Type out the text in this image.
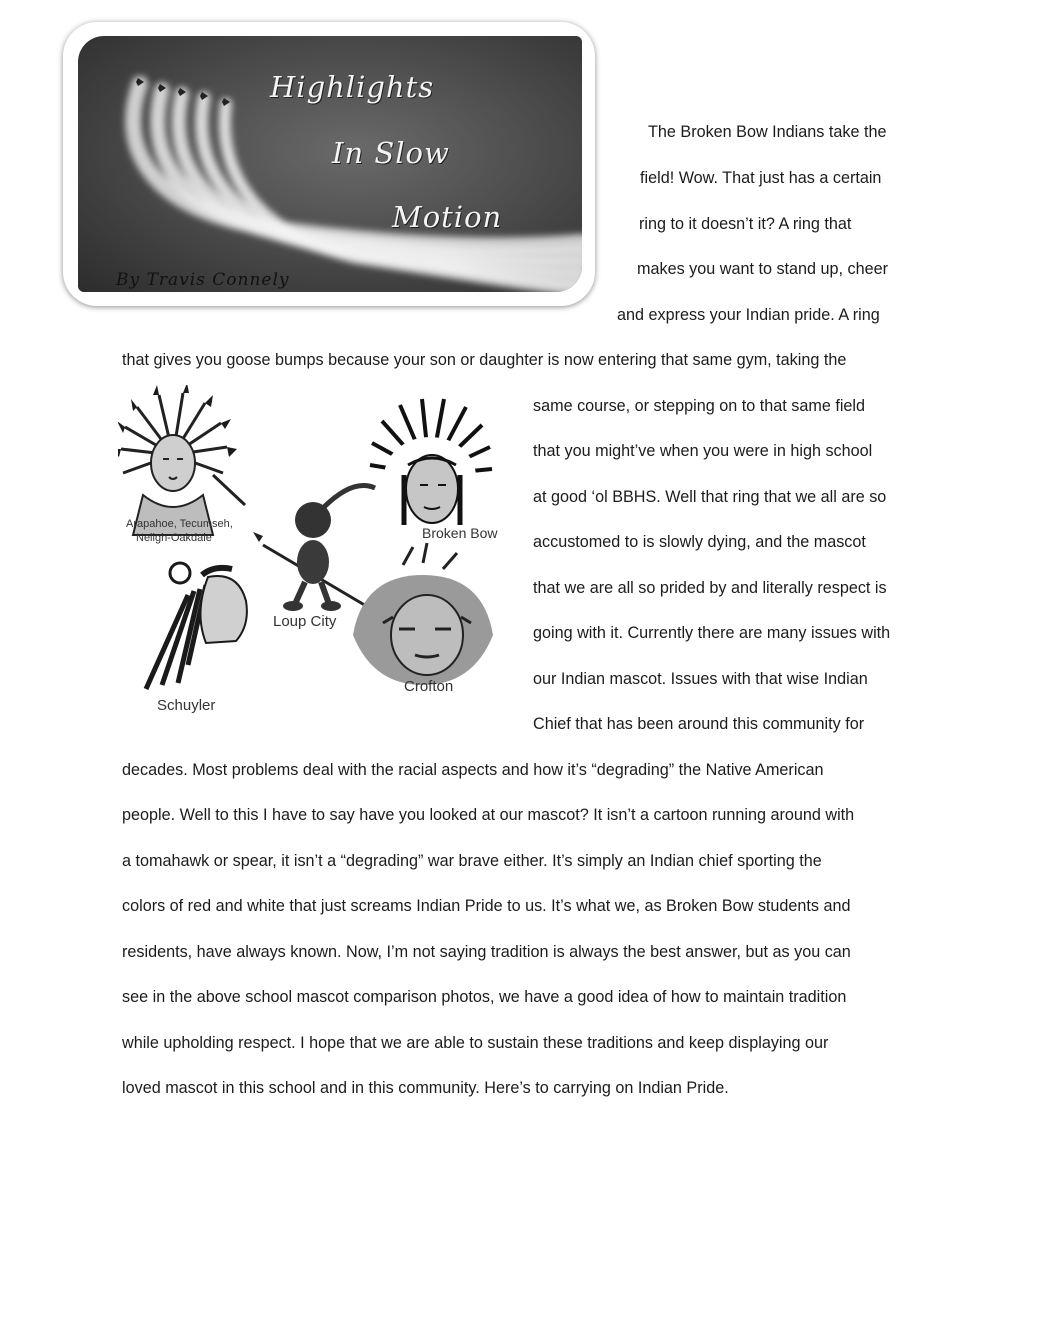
Highlights
In Slow
Motion
By Travis Connely
The Broken Bow Indians take the
field! Wow. That just has a certain
ring to it doesn’t it? A ring that
makes you want to stand up, cheer
and express your Indian pride. A ring
that gives you goose bumps because your son or daughter is now entering that same gym, taking the
same course, or stepping on to that same field
that you might’ve when you were in high school
at good ‘ol BBHS. Well that ring that we all are so
accustomed to is slowly dying, and the mascot
that we are all so prided by and literally respect is
going with it. Currently there are many issues with
our Indian mascot. Issues with that wise Indian
Chief that has been around this community for
decades. Most problems deal with the racial aspects and how it’s “degrading” the Native American
people. Well to this I have to say have you looked at our mascot? It isn’t a cartoon running around with
a tomahawk or spear, it isn’t a “degrading” war brave either. It’s simply an Indian chief sporting the
colors of red and white that just screams Indian Pride to us. It’s what we, as Broken Bow students and
residents, have always known. Now, I’m not saying tradition is always the best answer, but as you can
see in the above school mascot comparison photos, we have a good idea of how to maintain tradition
while upholding respect. I hope that we are able to sustain these traditions and keep displaying our
loved mascot in this school and in this community. Here’s to carrying on Indian Pride.
Arapahoe, Tecumseh,
Neligh-Oakdale	Broken Bow
Loup City
Schuyler
Crofton
